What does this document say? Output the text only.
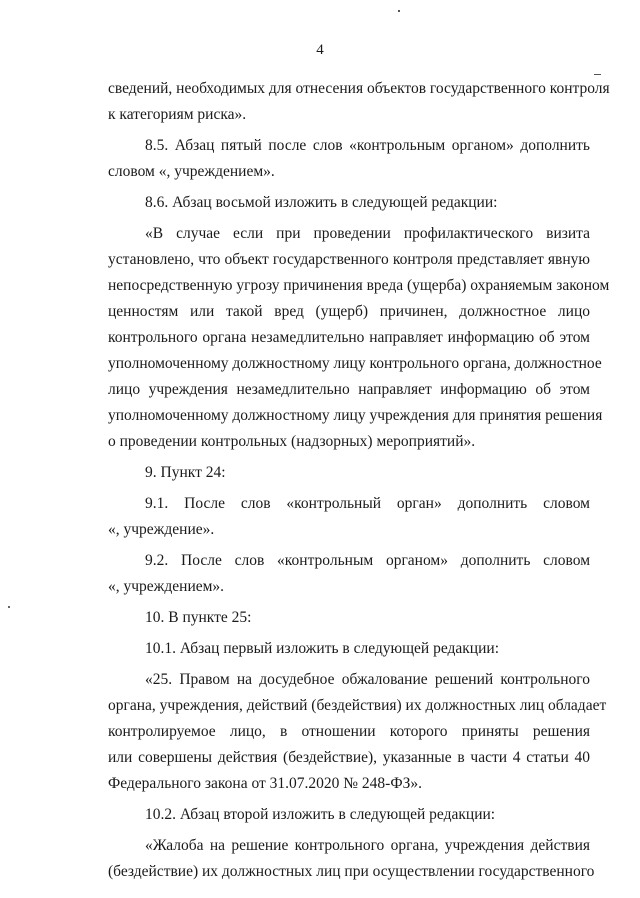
4
сведений, необходимых для отнесения объектов государственного контроля
к категориям риска».
8.5. Абзац пятый после слов «контрольным органом» дополнить
словом «, учреждением».
8.6. Абзац восьмой изложить в следующей редакции:
«В случае если при проведении профилактического визита
установлено, что объект государственного контроля представляет явную
непосредственную угрозу причинения вреда (ущерба) охраняемым законом
ценностям или такой вред (ущерб) причинен, должностное лицо
контрольного органа незамедлительно направляет информацию об этом
уполномоченному должностному лицу контрольного органа, должностное
лицо учреждения незамедлительно направляет информацию об этом
уполномоченному должностному лицу учреждения для принятия решения
о проведении контрольных (надзорных) мероприятий».
9. Пункт 24:
9.1. После слов «контрольный орган» дополнить словом
«, учреждение».
9.2. После слов «контрольным органом» дополнить словом
«, учреждением».
10. В пункте 25:
10.1. Абзац первый изложить в следующей редакции:
«25. Правом на досудебное обжалование решений контрольного
органа, учреждения, действий (бездействия) их должностных лиц обладает
контролируемое лицо, в отношении которого приняты решения
или совершены действия (бездействие), указанные в части 4 статьи 40
Федерального закона от 31.07.2020 № 248-ФЗ».
10.2. Абзац второй изложить в следующей редакции:
«Жалоба на решение контрольного органа, учреждения действия
(бездействие) их должностных лиц при осуществлении государственного
